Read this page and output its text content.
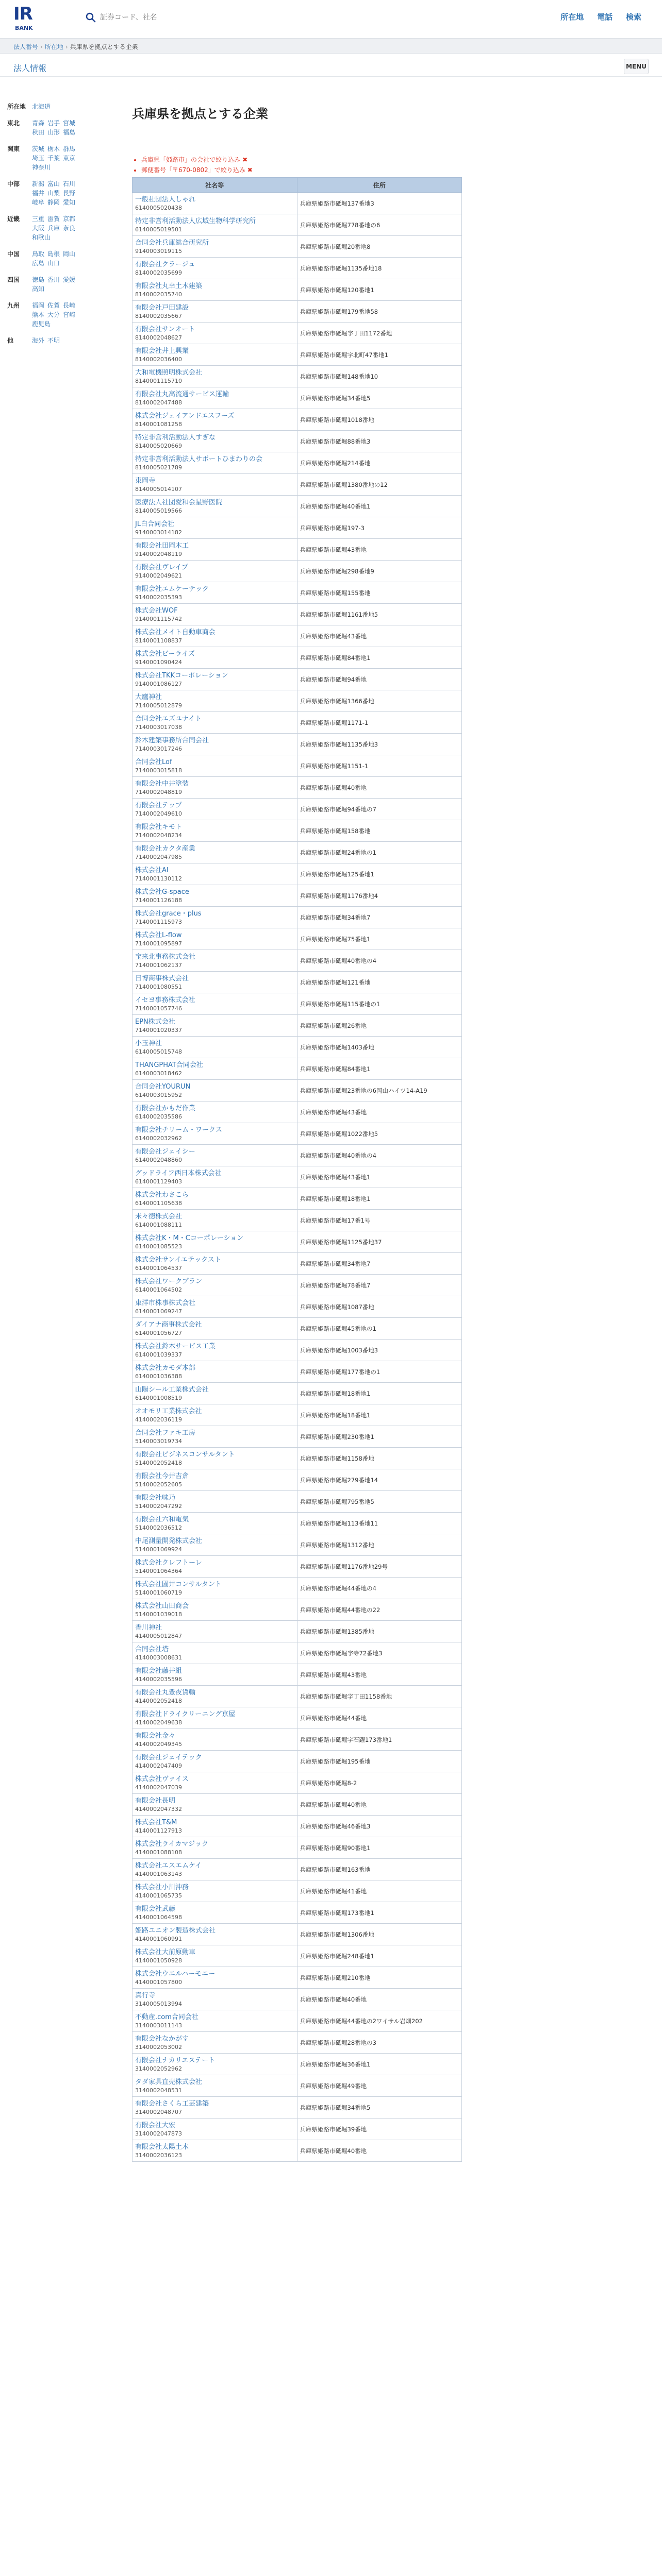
IR
BANK
証券コード、社名
所在地 電話 検索
法人番号 › 所在地 › 兵庫県を拠点とする企業
法人情報	MENU
所在地 北海道
東北	青森 岩手 宮城秋田 山形 福島
関東	茨城 栃木 群馬埼玉 千葉 東京神奈川
中部	新潟 富山 石川福井 山梨 長野岐阜 静岡 愛知
近畿	三重 滋賀 京都大阪 兵庫 奈良和歌山
中国	鳥取 島根 岡山広島 山口
四国	徳島 香川 愛媛高知
九州	福岡 佐賀 長崎熊本 大分 宮崎鹿児島
他	海外 不明
兵庫県を拠点とする企業
• 兵庫県「姫路市」の会社で絞り込み ✖
• 郵便番号「〒670-0802」で絞り込み ✖
社名等	住所

一般社団法人しゃれ
6140005020438	兵庫県姫路市砥堀137番地3

特定非営利活動法人広域生物科学研究所
6140005019501	兵庫県姫路市砥堀778番地の6

合同会社兵庫総合研究所
9140003019115	兵庫県姫路市砥堀20番地8

有限会社クラージュ
8140002035699	兵庫県姫路市砥堀1135番地18

有限会社丸幸土木建築
8140002035740	兵庫県姫路市砥堀120番地1

有限会社戸田建設
8140002035667	兵庫県姫路市砥堀179番地58

有限会社サンオート
8140002048627	兵庫県姫路市砥堀字丁田1172番地

有限会社井上興業
8140002036400	兵庫県姫路市砥堀字北町47番地1

大和電機照明株式会社
8140001115710	兵庫県姫路市砥堀148番地10

有限会社丸高流通サービス運輸
8140002047488	兵庫県姫路市砥堀34番地5

株式会社ジェイアンドエスフーズ
8140001081258	兵庫県姫路市砥堀1018番地

特定非営利活動法人すぎな
8140005020669	兵庫県姫路市砥堀88番地3

特定非営利活動法人サポートひまわりの会
8140005021789	兵庫県姫路市砥堀214番地

東岡寺
8140005014107	兵庫県姫路市砥堀1380番地の12

医療法人社団愛和会星野医院
8140005019566	兵庫県姫路市砥堀40番地1

JL白合同会社
9140003014182	兵庫県姫路市砥堀197-3

有限会社田岡木工
9140002048119	兵庫県姫路市砥堀43番地

有限会社ヴレイブ
9140002049621	兵庫県姫路市砥堀298番地9

有限会社エムケーテック
9140002035393	兵庫県姫路市砥堀155番地

株式会社WOF
9140001115742	兵庫県姫路市砥堀1161番地5

株式会社メイト自動車商会
8140001108837	兵庫県姫路市砥堀43番地

株式会社ビーライズ
9140001090424	兵庫県姫路市砥堀84番地1

株式会社TKKコーポレーション
9140001086127	兵庫県姫路市砥堀94番地

大鷹神社
7140005012879	兵庫県姫路市砥堀1366番地

合同会社エズユナイト
7140003017038	兵庫県姫路市砥堀1171-1

鈴木建築事務所合同会社
7140003017246	兵庫県姫路市砥堀1135番地3

合同会社Lof
7140003015818	兵庫県姫路市砥堀1151-1

有限会社中井塗装
7140002048819	兵庫県姫路市砥堀40番地

有限会社テップ
7140002049610	兵庫県姫路市砥堀94番地の7

有限会社キモト
7140002048234	兵庫県姫路市砥堀158番地

有限会社カクタ産業
7140002047985	兵庫県姫路市砥堀24番地の1

株式会社AI
7140001130112	兵庫県姫路市砥堀125番地1

株式会社G-space
7140001126188	兵庫県姫路市砥堀1176番地4

株式会社grace・plus
7140001115973	兵庫県姫路市砥堀34番地7

株式会社L-flow
7140001095897	兵庫県姫路市砥堀75番地1

宝来北事務株式会社
7140001062137	兵庫県姫路市砥堀40番地の4

日博商事株式会社
7140001080551	兵庫県姫路市砥堀121番地

イセヨ事務株式会社
7140001057746	兵庫県姫路市砥堀115番地の1

EPN株式会社
7140001020337	兵庫県姫路市砥堀26番地

小玉神社
6140005015748	兵庫県姫路市砥堀1403番地

THANGPHAT合同会社
6140003018462	兵庫県姫路市砥堀84番地1

合同会社YOURUN
6140003015952	兵庫県姫路市砥堀23番地の6岡山ハイツ14-A19

有限会社かもだ作業
6140002035586	兵庫県姫路市砥堀43番地

有限会社チリーム・ワークス
6140002032962	兵庫県姫路市砥堀1022番地5

有限会社ジェイシー
6140002048860	兵庫県姫路市砥堀40番地の4

グッドライフ西日本株式会社
6140001129403	兵庫県姫路市砥堀43番地1

株式会社わさこら
6140001105638	兵庫県姫路市砥堀18番地1

未々徳株式会社
6140001088111	兵庫県姫路市砥堀17番1号

株式会社K・M・Cコーポレーション
6140001085523	兵庫県姫路市砥堀1125番地37

株式会社サンイエテックスト
6140001064537	兵庫県姫路市砥堀34番地7

株式会社ワークプラン
6140001064502	兵庫県姫路市砥堀78番地7

東洋市株事株式会社
6140001069247	兵庫県姫路市砥堀1087番地

ダイアナ商事株式会社
6140001056727	兵庫県姫路市砥堀45番地の1

株式会社鈴木サービス工業
6140001039337	兵庫県姫路市砥堀1003番地3

株式会社カモダ本部
6140001036388	兵庫県姫路市砥堀177番地の1

山陽シール工業株式会社
6140001008519	兵庫県姫路市砥堀18番地1

オオモリ工業株式会社
4140002036119	兵庫県姫路市砥堀18番地1

合同会社ファキ工房
5140003019734	兵庫県姫路市砥堀230番地1

有限会社ビジネスコンサルタント
5140002052418	兵庫県姫路市砥堀1158番地

有限会社今井吉倉
5140002052605	兵庫県姫路市砥堀279番地14

有限会社味乃
5140002047292	兵庫県姫路市砥堀795番地5

有限会社六和電気
5140002036512	兵庫県姫路市砥堀113番地11

中尾測量開発株式会社
5140001069924	兵庫県姫路市砥堀1312番地

株式会社クレフトーレ
5140001064364	兵庫県姫路市砥堀1176番地29号

株式会社園井コンサルタント
5140001060719	兵庫県姫路市砥堀44番地の4

株式会社山田商会
5140001039018	兵庫県姫路市砥堀44番地の22

香川神社
4140005012847	兵庫県姫路市砥堀1385番地

合同会社塔
4140003008631	兵庫県姫路市砥堀字寺72番地3

有限会社藤井組
4140002035596	兵庫県姫路市砥堀43番地

有限会社丸豊夜貨輸
4140002052418	兵庫県姫路市砥堀字丁田1158番地

有限会社ドライクリーニング京屋
4140002049638	兵庫県姫路市砥堀44番地

有限会社金々
4140002049345	兵庫県姫路市砥堀字石躍173番地1

有限会社ジェイテック
4140002047409	兵庫県姫路市砥堀195番地

株式会社ヴァイス
4140002047039	兵庫県姫路市砥堀8-2

有限会社長明
4140002047332	兵庫県姫路市砥堀40番地

株式会社T&M
4140001127913	兵庫県姫路市砥堀46番地3

株式会社ライカマジック
4140001088108	兵庫県姫路市砥堀90番地1

株式会社エスエムケイ
4140001063143	兵庫県姫路市砥堀163番地

株式会社小川沖務
4140001065735	兵庫県姫路市砥堀41番地

有限会社武藤
4140001064598	兵庫県姫路市砥堀173番地1

姫路ユニオン製造株式会社
4140001060991	兵庫県姫路市砥堀1306番地

株式会社大前原動車
4140001050928	兵庫県姫路市砥堀248番地1

株式会社ウエルハーモニー
4140001057800	兵庫県姫路市砥堀210番地

真行寺
3140005013994	兵庫県姫路市砥堀40番地

不動産.com合同会社
3140003011143	兵庫県姫路市砥堀44番地の2ワイサル岩畑202

有限会社なかがす
3140002053002	兵庫県姫路市砥堀28番地の3

有限会社ナカリエステート
3140002052962	兵庫県姫路市砥堀36番地1

タダ家具直売株式会社
3140002048531	兵庫県姫路市砥堀49番地

有限会社さくら工芸建築
3140002048707	兵庫県姫路市砥堀34番地5

有限会社大宏
3140002047873	兵庫県姫路市砥堀39番地

有限会社太陽土木
3140002036123	兵庫県姫路市砥堀40番地
